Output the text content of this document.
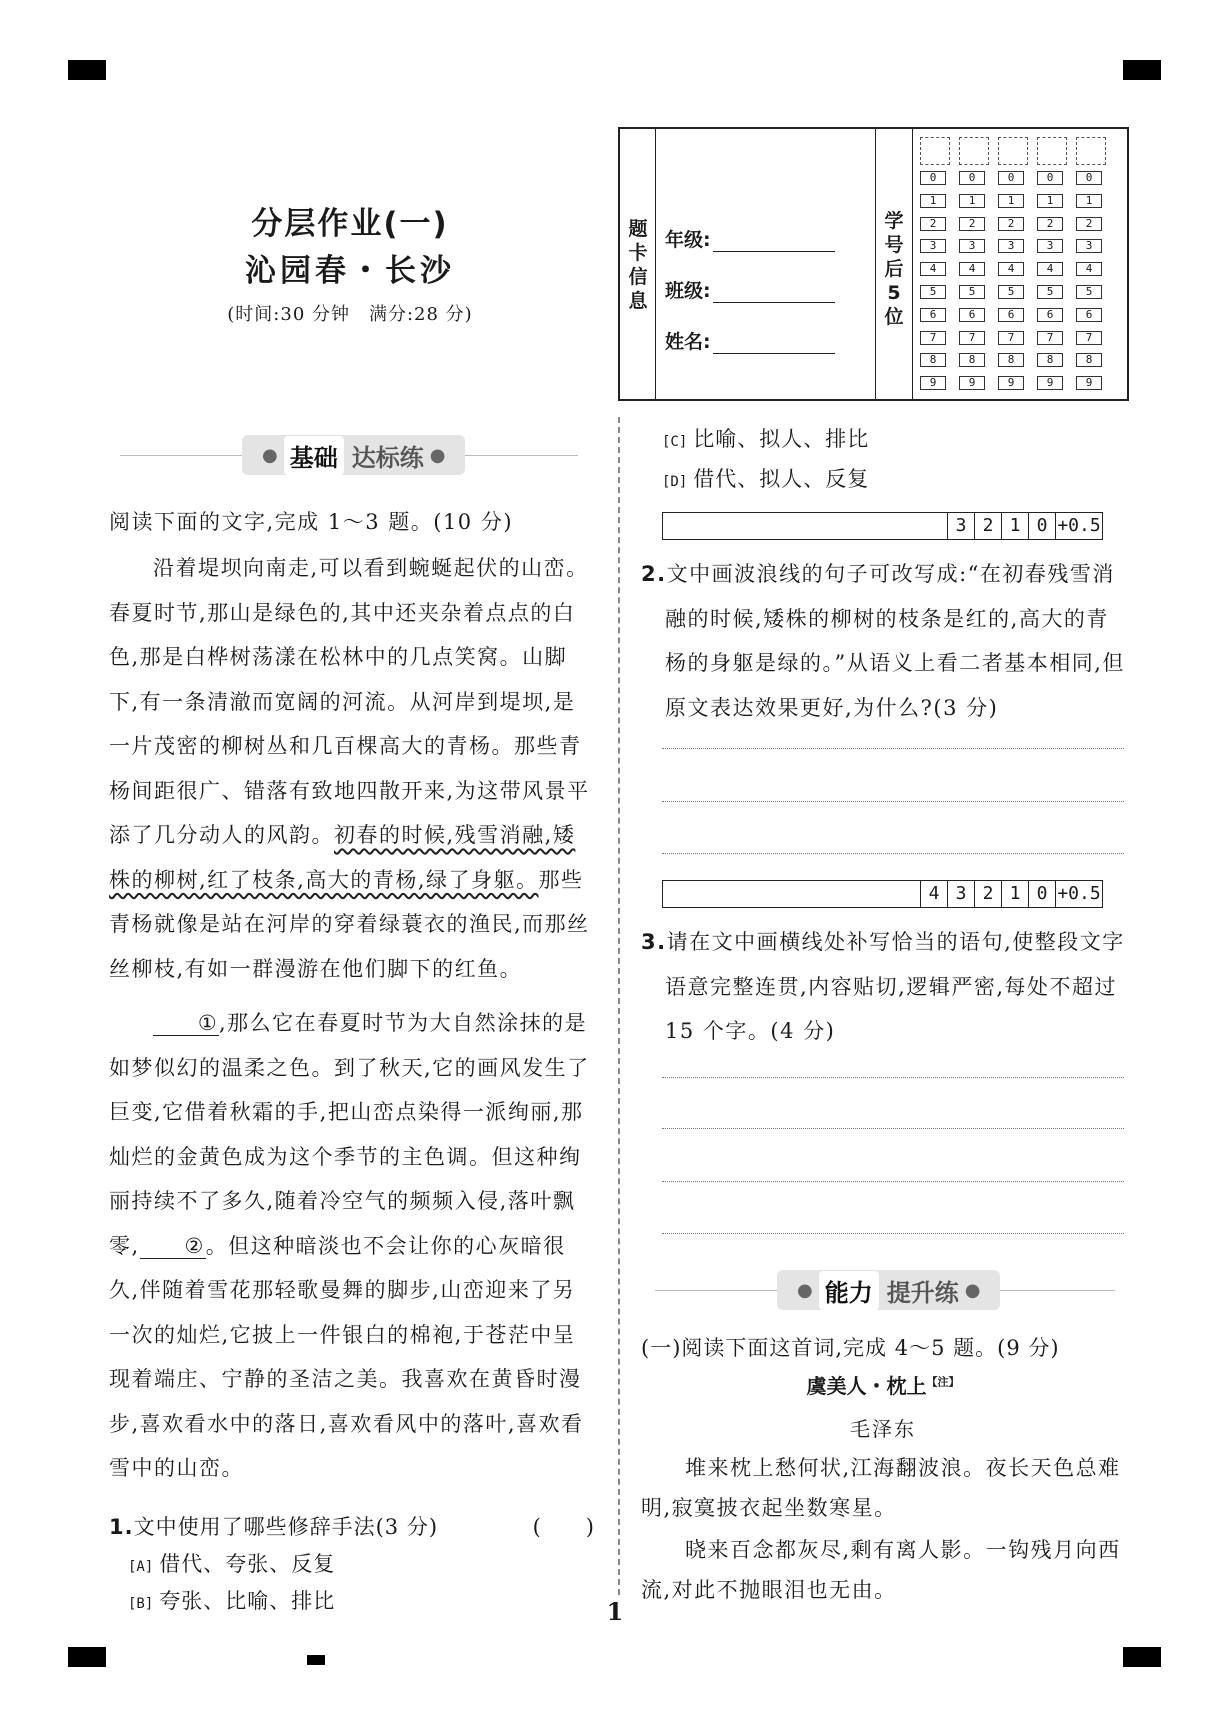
分层作业(一)
沁园春・长沙
(时间:30 分钟　满分:28 分)
题
卡
信
息
年级:
班级:
姓名:
学
号
后
5
位
0
1
2
3
4
5
6
7
8
9
0
1
2
3
4
5
6
7
8
9
0
1
2
3
4
5
6
7
8
9
0
1
2
3
4
5
6
7
8
9
0
1
2
3
4
5
6
7
8
9
● 基础 达标练 ●
阅读下面的文字,完成 1～3 题。(10 分)
沿着堤坝向南走,可以看到蜿蜒起伏的山峦。春夏时节,那山是绿色的,其中还夹杂着点点的白色,那是白桦树荡漾在松林中的几点笑窝。山脚下,有一条清澈而宽阔的河流。从河岸到堤坝,是一片茂密的柳树丛和几百棵高大的青杨。那些青杨间距很广、错落有致地四散开来,为这带风景平添了几分动人的风韵。初春的时候,残雪消融,矮株的柳树,红了枝条,高大的青杨,绿了身躯。那些青杨就像是站在河岸的穿着绿蓑衣的渔民,而那丝丝柳枝,有如一群漫游在他们脚下的红鱼。
①,那么它在春夏时节为大自然涂抹的是如梦似幻的温柔之色。到了秋天,它的画风发生了巨变,它借着秋霜的手,把山峦点染得一派绚丽,那灿烂的金黄色成为这个季节的主色调。但这种绚丽持续不了多久,随着冷空气的频频入侵,落叶飘零, ②。但这种暗淡也不会让你的心灰暗很久,伴随着雪花那轻歌曼舞的脚步,山峦迎来了另一次的灿烂,它披上一件银白的棉袍,于苍茫中呈现着端庄、宁静的圣洁之美。我喜欢在黄昏时漫步,喜欢看水中的落日,喜欢看风中的落叶,喜欢看雪中的山峦。
1.文中使用了哪些修辞手法(3 分)	(　　)
[A] 借代、夸张、反复
[B] 夸张、比喻、排比
[C] 比喻、拟人、排比
[D] 借代、拟人、反复
3 2 1 0 +0.5
2.文中画波浪线的句子可改写成:“在初春残雪消融的时候,矮株的柳树的枝条是红的,高大的青杨的身躯是绿的。”从语义上看二者基本相同,但原文表达效果更好,为什么?(3 分)
4 3 2 1 0 +0.5
3.请在文中画横线处补写恰当的语句,使整段文字语意完整连贯,内容贴切,逻辑严密,每处不超过 15 个字。(4 分)
● 能力 提升练 ●
(一)阅读下面这首词,完成 4～5 题。(9 分)
虞美人・枕上$^{【注】}$
毛泽东
堆来枕上愁何状,江海翻波浪。夜长天色总难明,寂寞披衣起坐数寒星。
晓来百念都灰尽,剩有离人影。一钩残月向西流,对此不抛眼泪也无由。
1
